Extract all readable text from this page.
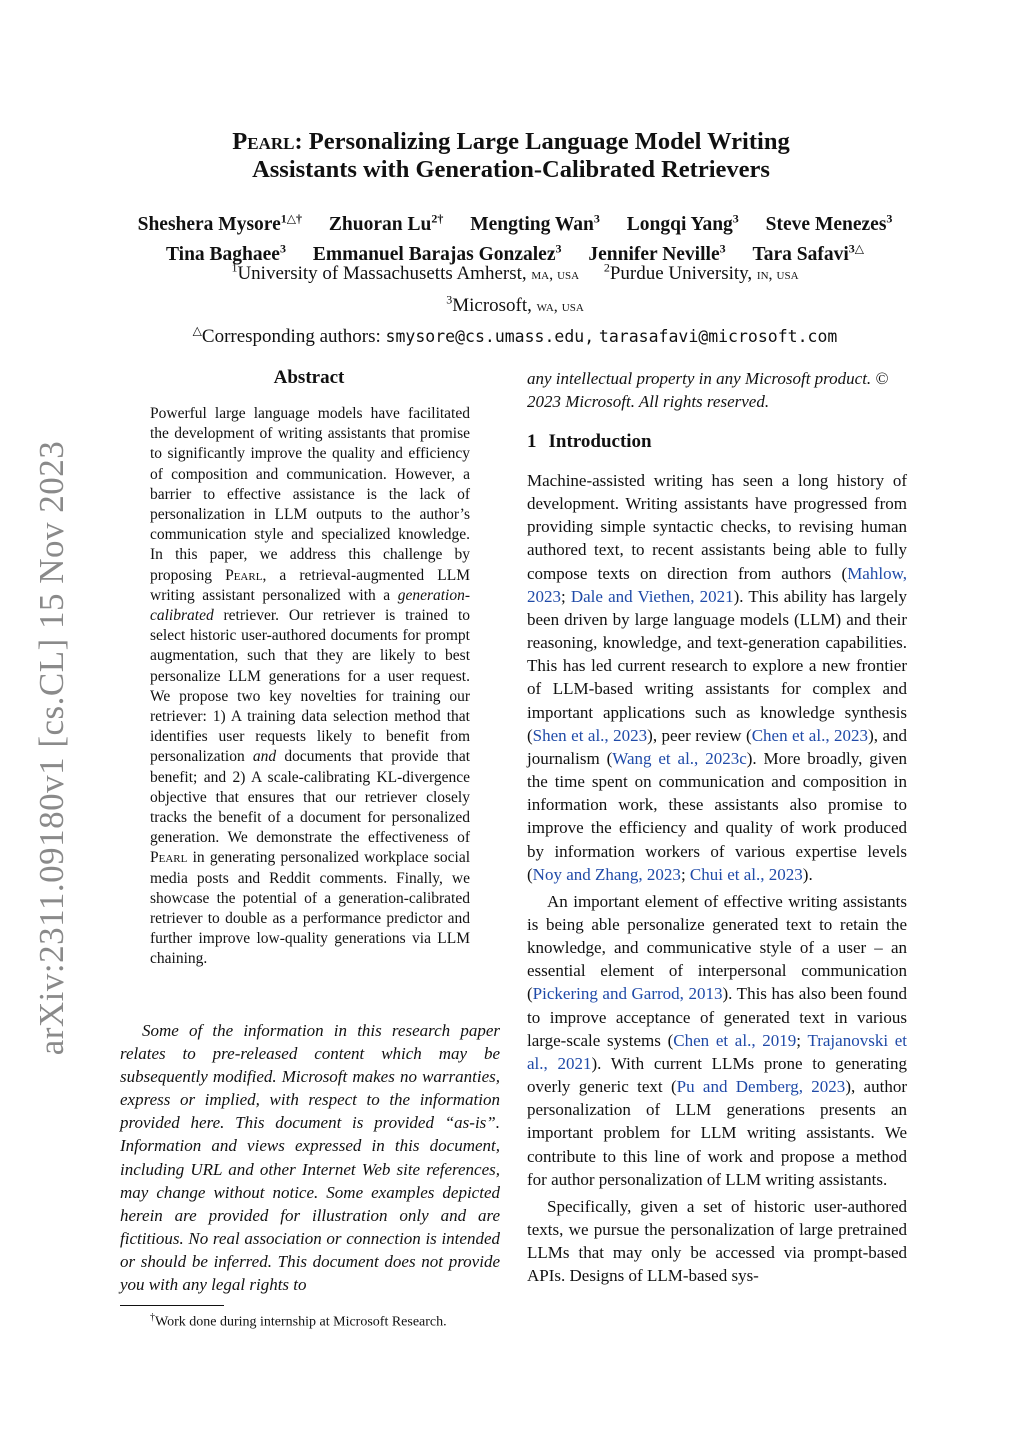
arXiv:2311.09180v1 [cs.CL] 15 Nov 2023
Pearl: Personalizing Large Language Model Writing
Assistants with Generation-Calibrated Retrievers
Sheshera Mysore$^{1\triangle\dagger}$ Zhuoran $Lu^{2\dagger}$ Mengting Wan$^3$ Longqi Yang$^3$ Steve Menezes$^3$
Tina Baghaee$^3$ Emmanuel Barajas Gonzalez$^3$ Jennifer Neville$^3$ Tara Safavi$^{3\triangle}$
$^1$University of Massachusetts Amherst, ma, usa $^2$Purdue University, in, usa
$^3$Microsoft, wa, usa
△Corresponding authors: smysore@cs.umass.edu, tarasafavi@microsoft.com
Abstract
Powerful large language models have facilitated the development of writing assistants that promise to significantly improve the quality and efficiency of composition and communication. However, a barrier to effective assistance is the lack of personalization in LLM outputs to the author’s communication style and specialized knowledge. In this paper, we address this challenge by proposing Pearl, a retrieval-augmented LLM writing assistant personalized with a generation-calibrated retriever. Our retriever is trained to select historic user-authored documents for prompt augmentation, such that they are likely to best personalize LLM generations for a user request. We propose two key novelties for training our retriever: 1) A training data selection method that identifies user requests likely to benefit from personalization and documents that provide that benefit; and 2) A scale-calibrating KL-divergence objective that ensures that our retriever closely tracks the benefit of a document for personalized generation. We demonstrate the effectiveness of Pearl in generating personalized workplace social media posts and Reddit comments. Finally, we showcase the potential of a generation-calibrated retriever to double as a performance predictor and further improve low-quality generations via LLM chaining.
Some of the information in this research paper relates to pre-released content which may be subsequently modified. Microsoft makes no warranties, express or implied, with respect to the information provided here. This document is provided “as-is”. Information and views expressed in this document, including URL and other Internet Web site references, may change without notice. Some examples depicted herein are provided for illustration only and are fictitious. No real association or connection is intended or should be inferred. This document does not provide you with any legal rights to
†Work done during internship at Microsoft Research.
any intellectual property in any Microsoft product. © 2023 Microsoft. All rights reserved.
1 Introduction

Machine-assisted writing has seen a long history of development. Writing assistants have progressed from providing simple syntactic checks, to revising human authored text, to recent assistants being able to fully compose texts on direction from authors (Mahlow, 2023; Dale and Viethen, 2021). This ability has largely been driven by large language models (LLM) and their reasoning, knowledge, and text-generation capabilities. This has led current research to explore a new frontier of LLM-based writing assistants for complex and important applications such as knowledge synthesis (Shen et al., 2023), peer review (Chen et al., 2023), and journalism (Wang et al., 2023c). More broadly, given the time spent on communication and composition in information work, these assistants also promise to improve the efficiency and quality of work produced by information workers of various expertise levels (Noy and Zhang, 2023; Chui et al., 2023).

An important element of effective writing assistants is being able personalize generated text to retain the knowledge, and communicative style of a user – an essential element of interpersonal communication (Pickering and Garrod, 2013). This has also been found to improve acceptance of generated text in various large-scale systems (Chen et al., 2019; Trajanovski et al., 2021). With current LLMs prone to generating overly generic text (Pu and Demberg, 2023), author personalization of LLM generations presents an important problem for LLM writing assistants. We contribute to this line of work and propose a method for author personalization of LLM writing assistants.

Specifically, given a set of historic user-authored texts, we pursue the personalization of large pretrained LLMs that may only be accessed via prompt-based APIs. Designs of LLM-based sys-
